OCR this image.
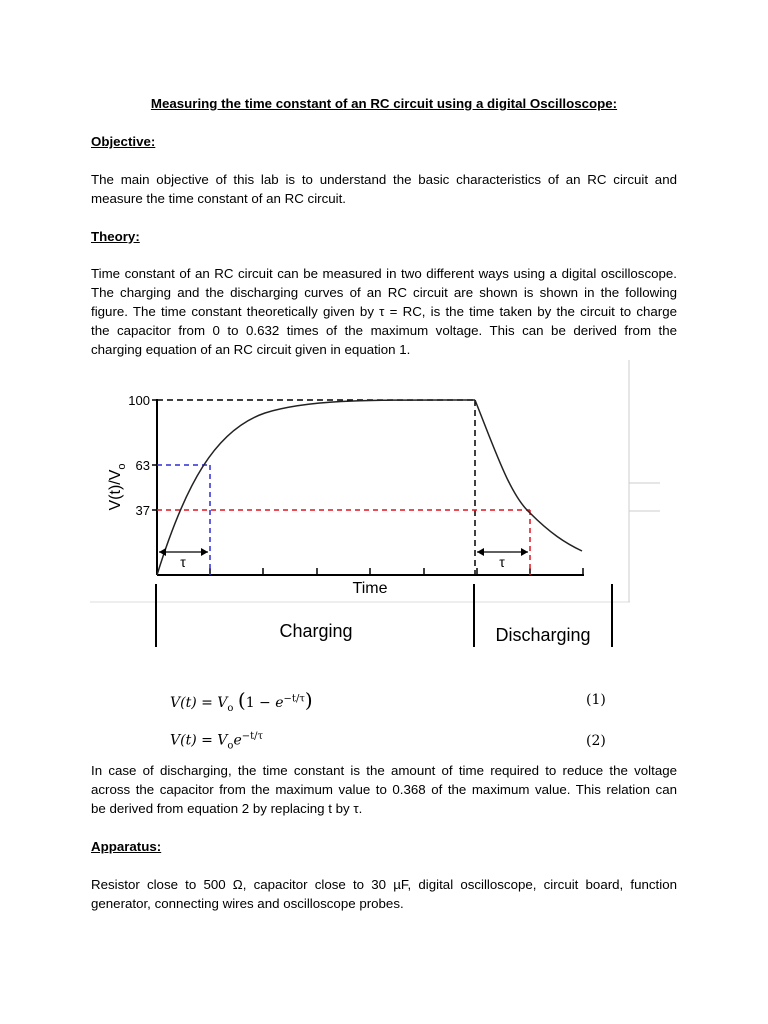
Measuring the time constant of an RC circuit using a digital Oscilloscope:
Objective:
The main objective of this lab is to understand the basic characteristics of an RC circuit and
measure the time constant of an RC circuit.
Theory:
Time constant of an RC circuit can be measured in two different ways using a digital oscilloscope.
The charging and the discharging curves of an RC circuit are shown is shown in the following
figure. The time constant theoretically given by τ = RC, is the time taken by the circuit to charge
the capacitor from 0 to 0.632 times of the maximum voltage. This can be derived from the
charging equation of an RC circuit given in equation 1.
100
63
37
$V(t)/V_o$
Time
τ	τ
Charging	Discharging
$V(t) = V_o$ $(1 - e^{-t/\tau})$	(1)
$V(t) = V_oe^{-t/\tau}$	(2)
In case of discharging, the time constant is the amount of time required to reduce the voltage
across the capacitor from the maximum value to 0.368 of the maximum value. This relation can
be derived from equation 2 by replacing t by τ.
Apparatus:
Resistor close to 500 Ω, capacitor close to 30 µF, digital oscilloscope, circuit board, function
generator, connecting wires and oscilloscope probes.
